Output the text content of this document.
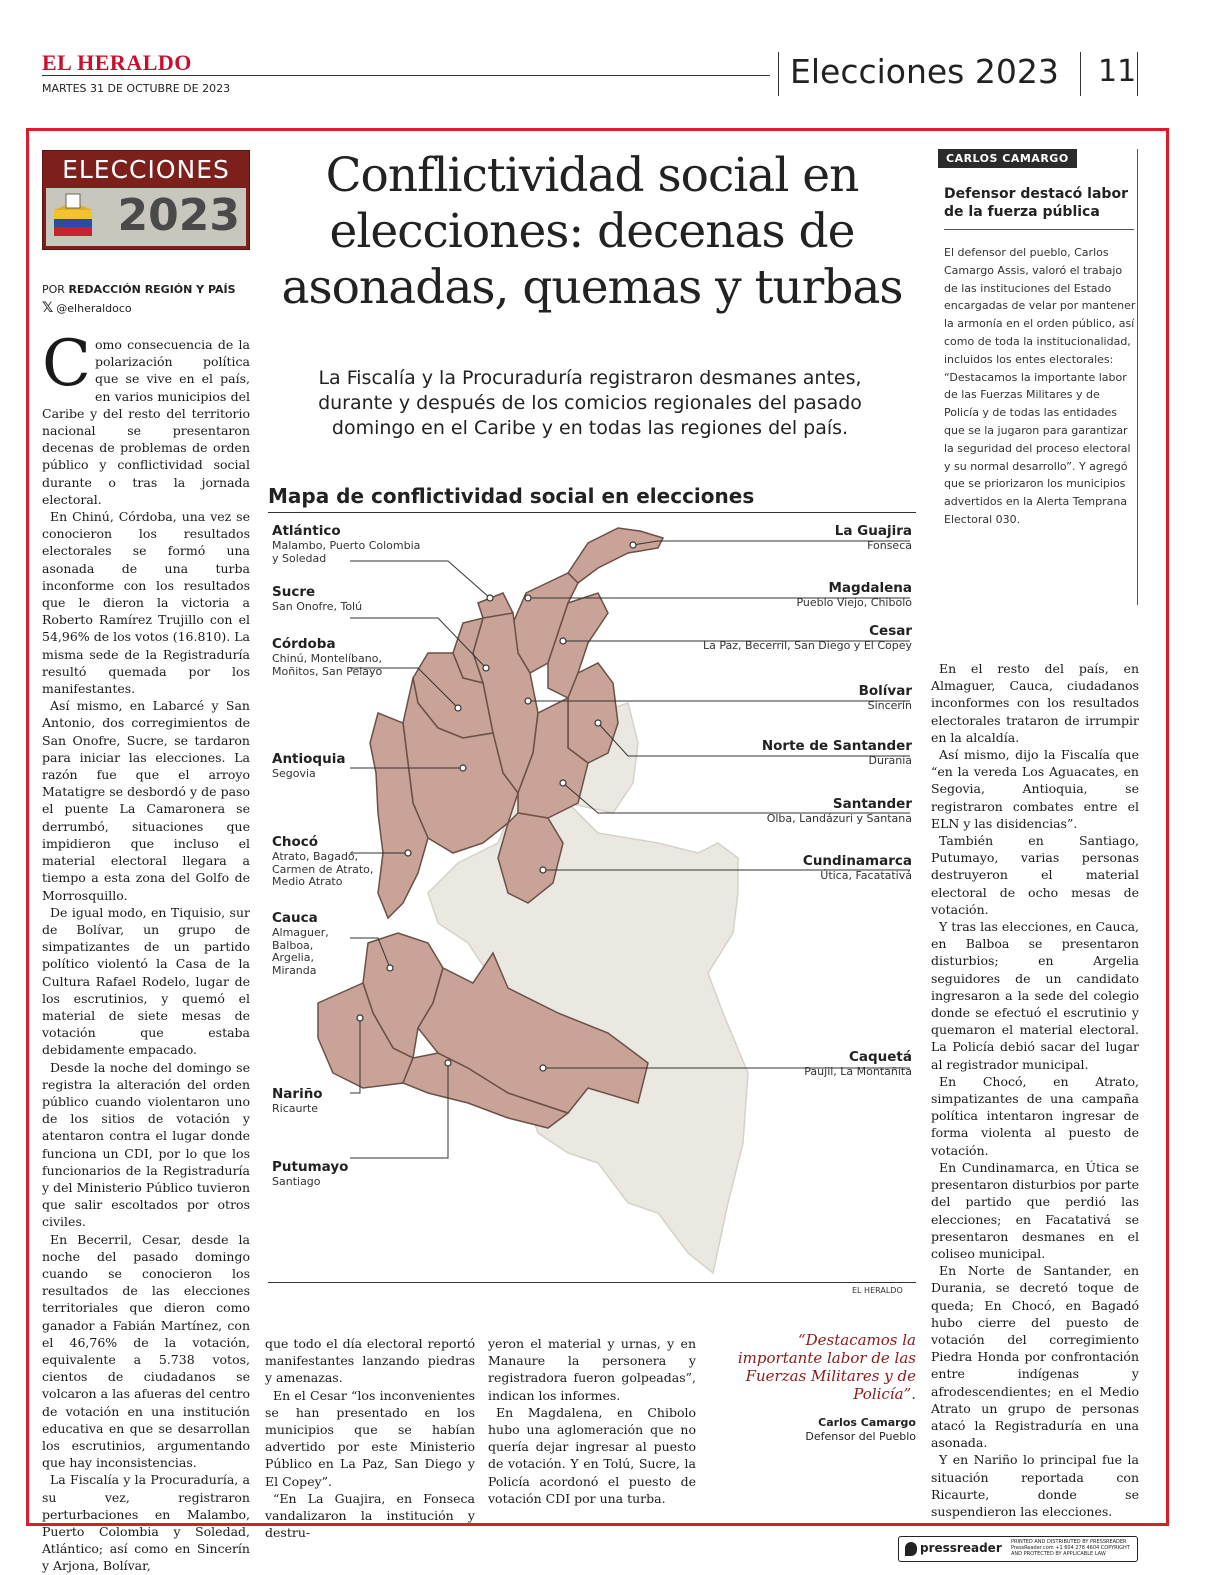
EL HERALDO
MARTES 31 DE OCTUBRE DE 2023	Elecciones 2023 11
ELECCIONES
2023
POR REDACCIÓN REGIÓN Y PAÍS
𝕏 @elheraldoco

Como consecuencia de la polarización política que se vive en el país, en varios municipios del Caribe y del resto del territorio nacional se presentaron decenas de problemas de orden público y conflictividad social durante o tras la jornada electoral.

En Chinú, Córdoba, una vez se conocieron los resultados electorales se formó una asonada de una turba inconforme con los resultados que le dieron la victoria a Roberto Ramírez Trujillo con el 54,96% de los votos (16.810). La misma sede de la Registraduría resultó quemada por los manifestantes.

Así mismo, en Labarcé y San Antonio, dos corregimientos de San Onofre, Sucre, se tardaron para iniciar las elecciones. La razón fue que el arroyo Matatigre se desbordó y de paso el puente La Camaronera se derrumbó, situaciones que impidieron que incluso el material electoral llegara a tiempo a esta zona del Golfo de Morrosquillo.

De igual modo, en Tiquisio, sur de Bolívar, un grupo de simpatizantes de un partido político violentó la Casa de la Cultura Rafael Rodelo, lugar de los escrutinios, y quemó el material de siete mesas de votación que estaba debidamente empacado.

Desde la noche del domingo se registra la alteración del orden público cuando violentaron uno de los sitios de votación y atentaron contra el lugar donde funciona un CDI, por lo que los funcionarios de la Registraduría y del Ministerio Público tuvieron que salir escoltados por otros civiles.

En Becerril, Cesar, desde la noche del pasado domingo cuando se conocieron los resultados de las elecciones territoriales que dieron como ganador a Fabián Martínez, con el 46,76% de la votación, equivalente a 5.738 votos, cientos de ciudadanos se volcaron a las afueras del centro de votación en una institución educativa en que se desarrollan los escrutinios, argumentando que hay inconsistencias.

La Fiscalía y la Procuraduría, a su vez, registraron perturbaciones en Malambo, Puerto Colombia y Soledad, Atlántico; así como en Sincerín y Arjona, Bolívar,

Conflictividad social en elecciones: decenas de asonadas, quemas y turbas
La Fiscalía y la Procuraduría registraron desmanes antes, durante y después de los comicios regionales del pasado domingo en el Caribe y en todas las regiones del país.
Mapa de conflictividad social en elecciones
Atlántico
Malambo, Puerto Colombia
y Soledad
Sucre
San Onofre, Tolú
Córdoba
Chinú, Montelíbano,
Moñitos, San Pelayo
Antioquia
Segovia
Chocó
Atrato, Bagadó,
Carmen de Atrato,
Medio Atrato
Cauca
Almaguer,
Balboa,
Argelia,
Miranda
Nariño
Ricaurte
Putumayo
Santiago
La Guajira
Fonseca
Magdalena
Pueblo Viejo, Chibolo
Cesar
La Paz, Becerril, San Diego y El Copey
Bolívar
Sincerín
Norte de Santander
Durania
Santander
Olba, Landázuri y Santana
Cundinamarca
Útica, Facatativá
Caquetá
Paujil, La Montañita
EL HERALDO

que todo el día electoral reportó manifestantes lanzando piedras y amenazas.

En el Cesar “los inconvenientes se han presentado en los municipios que se habían advertido por este Ministerio Público en La Paz, San Diego y El Copey”.

“En La Guajira, en Fonseca vandalizaron la institución y destru-

yeron el material y urnas, y en Manaure la personera y registradora fueron golpeadas”, indican los informes.

En Magdalena, en Chibolo hubo una aglomeración que no quería dejar ingresar al puesto de votación. Y en Tolú, Sucre, la Policía acordonó el puesto de votación CDI por una turba.

“Destacamos la importante labor de las Fuerzas Militares y de Policía”.
Carlos Camargo
Defensor del Pueblo
CARLOS CAMARGO
Defensor destacó labor de la fuerza pública
El defensor del pueblo, Carlos Camargo Assis, valoró el trabajo de las instituciones del Estado encargadas de velar por mantener la armonía en el orden público, así como de toda la institucionalidad, incluidos los entes electorales: “Destacamos la importante labor de las Fuerzas Militares y de Policía y de todas las entidades que se la jugaron para garantizar la seguridad del proceso electoral y su normal desarrollo”. Y agregó que se priorizaron los municipios advertidos en la Alerta Temprana Electoral 030.

En el resto del país, en Almaguer, Cauca, ciudadanos inconformes con los resultados electorales trataron de irrumpir en la alcaldía.

Así mismo, dijo la Fiscalía que “en la vereda Los Aguacates, en Segovia, Antioquia, se registraron combates entre el ELN y las disidencias”.

También en Santiago, Putumayo, varias personas destruyeron el material electoral de ocho mesas de votación.

Y tras las elecciones, en Cauca, en Balboa se presentaron disturbios; en Argelia seguidores de un candidato ingresaron a la sede del colegio donde se efectuó el escrutinio y quemaron el material electoral. La Policía debió sacar del lugar al registrador municipal.

En Chocó, en Atrato, simpatizantes de una campaña política intentaron ingresar de forma violenta al puesto de votación.

En Cundinamarca, en Útica se presentaron disturbios por parte del partido que perdió las elecciones; en Facatativá se presentaron desmanes en el coliseo municipal.

En Norte de Santander, en Durania, se decretó toque de queda; En Chocó, en Bagadó hubo cierre del puesto de votación del corregimiento Piedra Honda por confrontación entre indígenas y afrodescendientes; en el Medio Atrato un grupo de personas atacó la Registraduría en una asonada.

Y en Nariño lo principal fue la situación reportada con Ricaurte, donde se suspendieron las elecciones.

pressreader PRINTED AND DISTRIBUTED BY PRESSREADER PressReader.com +1 604 278 4604 COPYRIGHT AND PROTECTED BY APPLICABLE LAW
